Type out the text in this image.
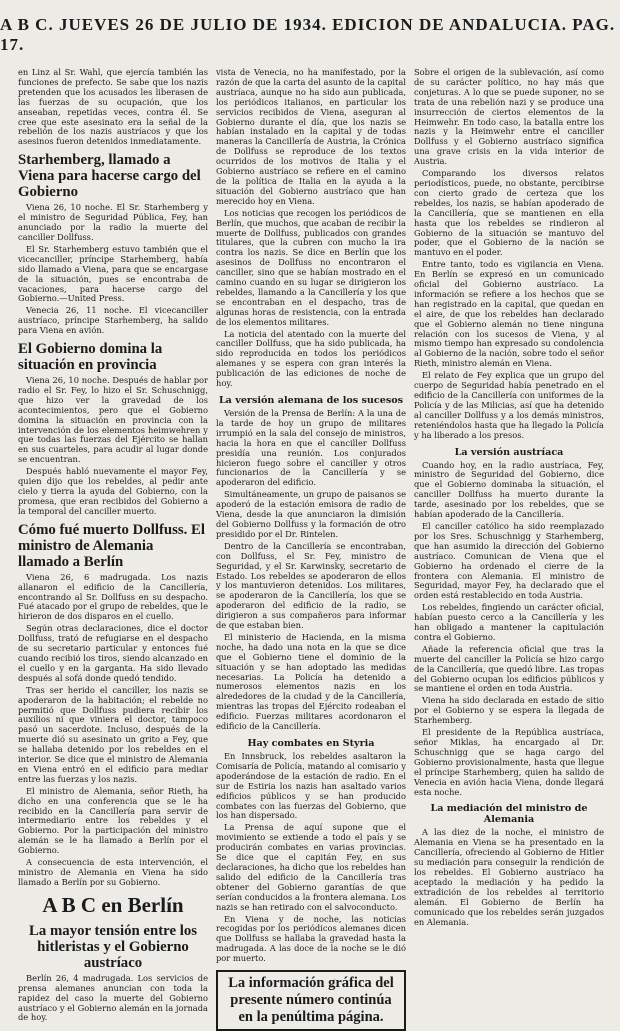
A B C. JUEVES 26 DE JULIO DE 1934. EDICION DE ANDALUCIA. PAG. 17.

en Linz al Sr. Wahl, que ejercía también las funciones de prefecto. Se sabe que los nazis pretenden que los acusados les liberasen de las fuerzas de su ocupación, que los anseaban, repetidas veces, contra él. Se cree que este asesinato era la señal de la rebelión de los nazis austríacos y que los asesinos fueron detenidos inmediatamente.

Starhemberg, llamado a Viena para hacerse cargo del Gobierno

Viena 26, 10 noche. El Sr. Starhemberg y el ministro de Seguridad Pública, Fey, han anunciado por la radio la muerte del canciller Dollfuss.

El Sr. Starhemberg estuvo también que el vicecanciller, príncipe Starhemberg, había sido llamado a Viena, para que se encargase de la situación, pues se encontraba de vacaciones, para hacerse cargo del Gobierno.—United Press.

Venecia 26, 11 noche. El vicecanciller austríaco, príncipe Starhemberg, ha salido para Viena en avión.

El Gobierno domina la situación en provincia

Viena 26, 10 noche. Después de hablar por radio el Sr. Fey, lo hizo el Sr. Schuschnigg, que hizo ver la gravedad de los acontecimientos, pero que el Gobierno domina la situación en provincia con la intervención de los elementos heimwehren y que todas las fuerzas del Ejército se hallan en sus cuarteles, para acudir al lugar donde se encuentran.

Después habló nuevamente el mayor Fey, quien dijo que los rebeldes, al pedir ante cielo y tierra la ayuda del Gobierno, con la promesa, que eran recibidos del Gobierno a la temporal del canciller muerto.

Cómo fué muerto Dollfuss. El ministro de Alemania llamado a Berlín

Viena 26, 6 madrugada. Los nazis allanaron el edificio de la Cancillería, encontrando al Sr. Dollfuss en su despacho. Fué atacado por el grupo de rebeldes, que le hirieron de dos disparos en el cuello.

Según otras declaraciones, dice el doctor Dollfuss, trató de refugiarse en el despacho de su secretario particular y entonces fué cuando recibió los tiros, siendo alcanzado en el cuello y en la garganta. Ha sido llevado después al sofá donde quedó tendido.

Tras ser herido el canciller, los nazis se apoderaron de la habitación; el rebelde no permitió que Dollfuss pudiera recibir los auxilios ni que viniera el doctor, tampoco pasó un sacerdote. Incluso, después de la muerte dió su asesinato un grito a Fey, que se hallaba detenido por los rebeldes en el interior. Se dice que el ministro de Alemania en Viena entró en el edificio para mediar entre las fuerzas y los nazis.

El ministro de Alemania, señor Rieth, ha dicho en una conferencia que se le ha recibido en la Cancillería para servir de intermediario entre los rebeldes y el Gobierno. Por la participación del ministro alemán se le ha llamado a Berlín por el Gobierno.

A consecuencia de esta intervención, el ministro de Alemania en Viena ha sido llamado a Berlín por su Gobierno.

A B C en Berlín
La mayor tensión entre los hitleristas y el Gobierno austríaco

Berlín 26, 4 madrugada. Los servicios de prensa alemanes anuncian con toda la rapidez del caso la muerte del Gobierno austríaco y el Gobierno alemán en la jornada de hoy.

vista de Venecia, no ha manifestado, por la razón de que la carta del asunto de la capital austríaca, aunque no ha sido aun publicada, los periódicos italianos, en particular los servicios recibidos de Viena, aseguran al Gobierno durante el día, que los nazis se habían instalado en la capital y de todas maneras la Cancillería de Austria, la Crónica de Dollfuss se reproduce de los textos ocurridos de los motivos de Italia y el Gobierno austríaco se refiere en el camino de la política de Italia en la ayuda a la situación del Gobierno austríaco que han merecido hoy en Viena.

Los noticias que recogen los periódicos de Berlín, que muchos, que acaban de recibir la muerte de Dollfuss, publicados con grandes titulares, que la cubren con mucho la ira contra los nazis. Se dice en Berlín que los asesinos de Dollfuss no encontraron el canciller, sino que se habían mostrado en el camino cuando en su lugar se dirigieron los rebeldes, llamando a la Cancillería y los que se encontraban en el despacho, tras de algunas horas de resistencia, con la entrada de los elementos militares.

La noticia del atentado con la muerte del canciller Dollfuss, que ha sido publicada, ha sido reproducida en todos los periódicos alemanes y se espera con gran interés la publicación de las ediciones de noche de hoy.

La versión alemana de los sucesos

Versión de la Prensa de Berlín: A la una de la tarde de hoy un grupo de militares irrumpió en la sala del consejo de ministros, hacia la hora en que el canciller Dollfuss presidía una reunión. Los conjurados hicieron fuego sobre el canciller y otros funcionarios de la Cancillería y se apoderaron del edificio.

Simultáneamente, un grupo de paisanos se apoderó de la estación emisora de radio de Viena, desde la que anunciaron la dimisión del Gobierno Dollfuss y la formación de otro presidido por el Dr. Rintelen.

Dentro de la Cancillería se encontraban, con Dollfuss, el Sr. Fey, ministro de Seguridad, y el Sr. Karwinsky, secretario de Estado. Los rebeldes se apoderaron de ellos y los mantuvieron detenidos. Los militares, se apoderaron de la Cancillería, los que se apoderaron del edificio de la radio, se dirigieron a sus compañeros para informar de que estaban bien.

El ministerio de Hacienda, en la misma noche, ha dado una nota en la que se dice que el Gobierno tiene el dominio de la situación y se han adoptado las medidas necesarias. La Policía ha detenido a numerosos elementos nazis en los alrededores de la ciudad y de la Cancillería, mientras las tropas del Ejército rodeaban el edificio. Fuerzas militares acordonaron el edificio de la Cancillería.

Hay combates en Styria

En Innsbruck, los rebeldes asaltaron la Comisaría de Policía, matando al comisario y apoderándose de la estación de radio. En el sur de Estiria los nazis han asaltado varios edificios públicos y se han producido combates con las fuerzas del Gobierno, que los han dispersado.

La Prensa de aquí supone que el movimiento se extiende a todo el país y se producirán combates en varias provincias. Se dice que el capitán Fey, en sus declaraciones, ha dicho que los rebeldes han salido del edificio de la Cancillería tras obtener del Gobierno garantías de que serían conducidos a la frontera alemana. Los nazis se han retirado con el salvoconducto.

En Viena y de noche, las noticias recogidas por los periódicos alemanes dicen que Dollfuss se hallaba la gravedad hasta la madrugada. A las doce de la noche se le dió por muerto.

La información gráfica del presente número continúa en la penúltima página.

Sobre el origen de la sublevación, así como de su carácter político, no hay más que conjeturas. A lo que se puede suponer, no se trata de una rebelión nazi y se produce una insurrección de ciertos elementos de la Heimwehr. En todo caso, la batalla entre los nazis y la Heimwehr entre el canciller Dollfuss y el Gobierno austríaco significa una grave crisis en la vida interior de Austria.

Comparando los diversos relatos periodísticos, puede, no obstante, percibirse con cierto grado de certeza que los rebeldes, los nazis, se habían apoderado de la Cancillería, que se mantienen en ella hasta que los rebeldes se rindieron al Gobierno de la situación se mantuvo del poder, que el Gobierno de la nación se mantuvo en el poder.

Entre tanto, todo es vigilancia en Viena. En Berlín se expresó en un comunicado oficial del Gobierno austríaco. La información se refiere a los hechos que se han registrado en la capital, que quedan en el aire, de que los rebeldes han declarado que el Gobierno alemán no tiene ninguna relación con los sucesos de Viena, y al mismo tiempo han expresado su condolencia al Gobierno de la nación, sobre todo el señor Rieth, ministro alemán en Viena.

El relato de Fey explica que un grupo del cuerpo de Seguridad había penetrado en el edificio de la Cancillería con uniformes de la Policía y de las Milicias, así que ha detenido al canciller Dollfuss y a los demás ministros, reteniéndolos hasta que ha llegado la Policía y ha liberado a los presos.

La versión austríaca

Cuando hoy, en la radio austríaca, Fey, ministro de Seguridad del Gobierno, dice que el Gobierno dominaba la situación, el canciller Dollfuss ha muerto durante la tarde, asesinado por los rebeldes, que se habían apoderado de la Cancillería.

El canciller católico ha sido reemplazado por los Sres. Schuschnigg y Starhemberg, que han asumido la dirección del Gobierno austríaco. Comunican de Viena que el Gobierno ha ordenado el cierre de la frontera con Alemania. El ministro de Seguridad, mayor Fey, ha declarado que el orden está restablecido en toda Austria.

Los rebeldes, fingiendo un carácter oficial, habían puesto cerco a la Cancillería y les han obligado a mantener la capitulación contra el Gobierno.

Añade la referencia oficial que tras la muerte del canciller la Policía se hizo cargo de la Cancillería, que quedó libre. Las tropas del Gobierno ocupan los edificios públicos y se mantiene el orden en toda Austria.

Viena ha sido declarada en estado de sitio por el Gobierno y se espera la llegada de Starhemberg.

El presidente de la República austríaca, señor Miklas, ha encargado al Dr. Schuschnigg que se haga cargo del Gobierno provisionalmente, hasta que llegue el príncipe Starhemberg, quien ha salido de Venecia en avión hacia Viena, donde llegará esta noche.

La mediación del ministro de Alemania

A las diez de la noche, el ministro de Alemania en Viena se ha presentado en la Cancillería, ofreciendo al Gobierno de Hitler su mediación para conseguir la rendición de los rebeldes. El Gobierno austríaco ha aceptado la mediación y ha pedido la extradición de los rebeldes al territorio alemán. El Gobierno de Berlín ha comunicado que los rebeldes serán juzgados en Alemania.
